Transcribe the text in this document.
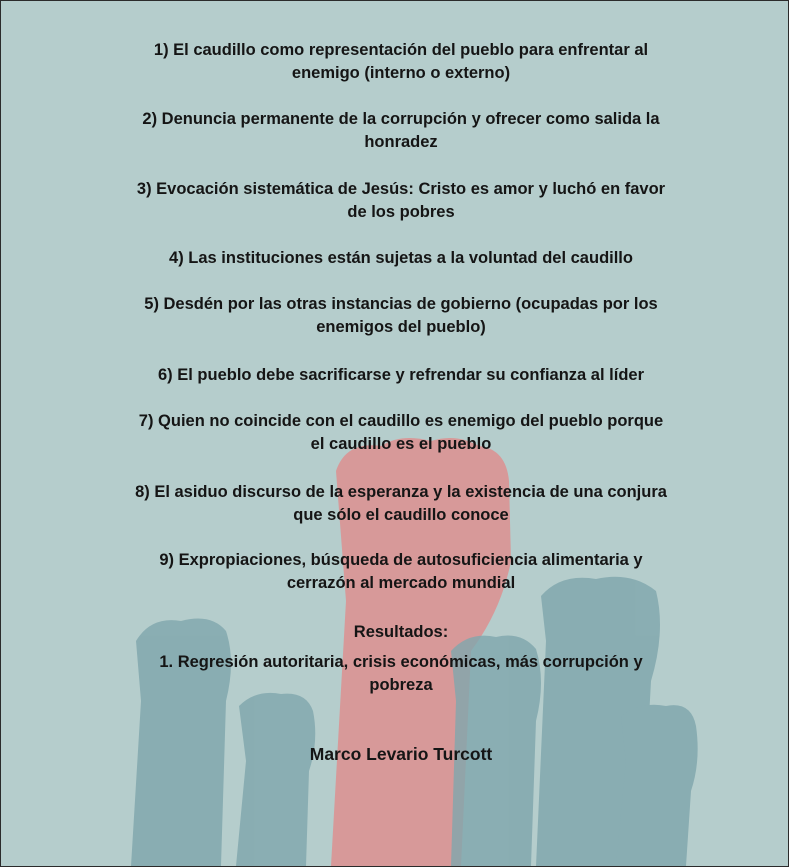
1) El caudillo como representación del pueblo para enfrentar al
enemigo (interno o externo)

2) Denuncia permanente de la corrupción y ofrecer como salida la
honradez

3) Evocación sistemática de Jesús: Cristo es amor y luchó en favor
de los pobres

4) Las instituciones están sujetas a la voluntad del caudillo

5) Desdén por las otras instancias de gobierno (ocupadas por los
enemigos del pueblo)

6) El pueblo debe sacrificarse y refrendar su confianza al líder

7) Quien no coincide con el caudillo es enemigo del pueblo porque
el caudillo es el pueblo

8) El asiduo discurso de la esperanza y la existencia de una conjura
que sólo el caudillo conoce

9) Expropiaciones, búsqueda de autosuficiencia alimentaria y
cerrazón al mercado mundial

Resultados:

1. Regresión autoritaria, crisis económicas, más corrupción y
pobreza

Marco Levario Turcott
